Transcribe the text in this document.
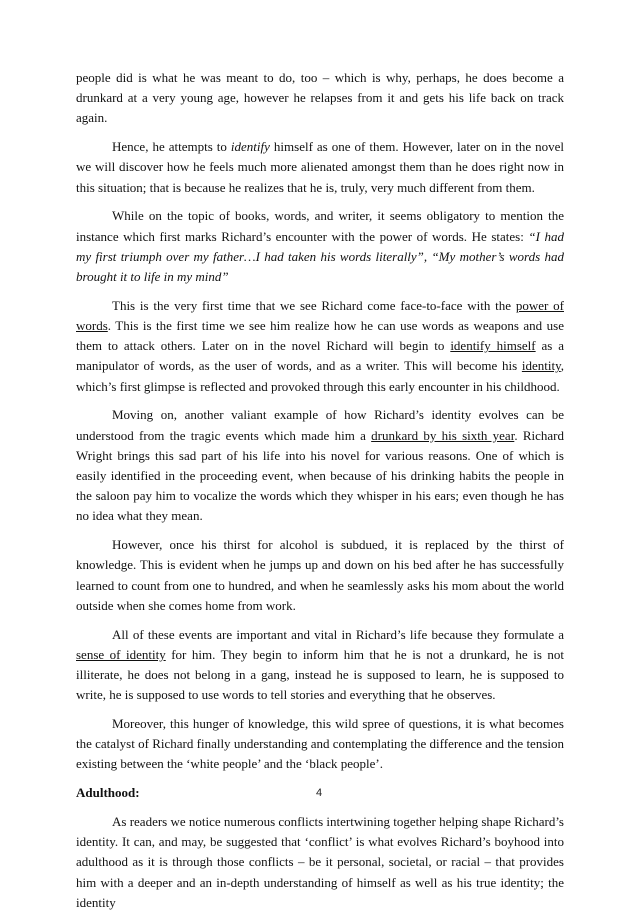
people did is what he was meant to do, too – which is why, perhaps, he does become a drunkard at a very young age, however he relapses from it and gets his life back on track again.

Hence, he attempts to identify himself as one of them. However, later on in the novel we will discover how he feels much more alienated amongst them than he does right now in this situation; that is because he realizes that he is, truly, very much different from them.

While on the topic of books, words, and writer, it seems obligatory to mention the instance which first marks Richard’s encounter with the power of words. He states: “I had my first triumph over my father…I had taken his words literally”, “My mother’s words had brought it to life in my mind”

This is the very first time that we see Richard come face-to-face with the power of words. This is the first time we see him realize how he can use words as weapons and use them to attack others. Later on in the novel Richard will begin to identify himself as a manipulator of words, as the user of words, and as a writer. This will become his identity, which’s first glimpse is reflected and provoked through this early encounter in his childhood.

Moving on, another valiant example of how Richard’s identity evolves can be understood from the tragic events which made him a drunkard by his sixth year. Richard Wright brings this sad part of his life into his novel for various reasons. One of which is easily identified in the proceeding event, when because of his drinking habits the people in the saloon pay him to vocalize the words which they whisper in his ears; even though he has no idea what they mean.

However, once his thirst for alcohol is subdued, it is replaced by the thirst of knowledge. This is evident when he jumps up and down on his bed after he has successfully learned to count from one to hundred, and when he seamlessly asks his mom about the world outside when she comes home from work.

All of these events are important and vital in Richard’s life because they formulate a sense of identity for him. They begin to inform him that he is not a drunkard, he is not illiterate, he does not belong in a gang, instead he is supposed to learn, he is supposed to write, he is supposed to use words to tell stories and everything that he observes.

Moreover, this hunger of knowledge, this wild spree of questions, it is what becomes the catalyst of Richard finally understanding and contemplating the difference and the tension existing between the ‘white people’ and the ‘black people’.

Adulthood:

As readers we notice numerous conflicts intertwining together helping shape Richard’s identity. It can, and may, be suggested that ‘conflict’ is what evolves Richard’s boyhood into adulthood as it is through those conflicts – be it personal, societal, or racial – that provides him with a deeper and an in-depth understanding of himself as well as his true identity; the identity

4
